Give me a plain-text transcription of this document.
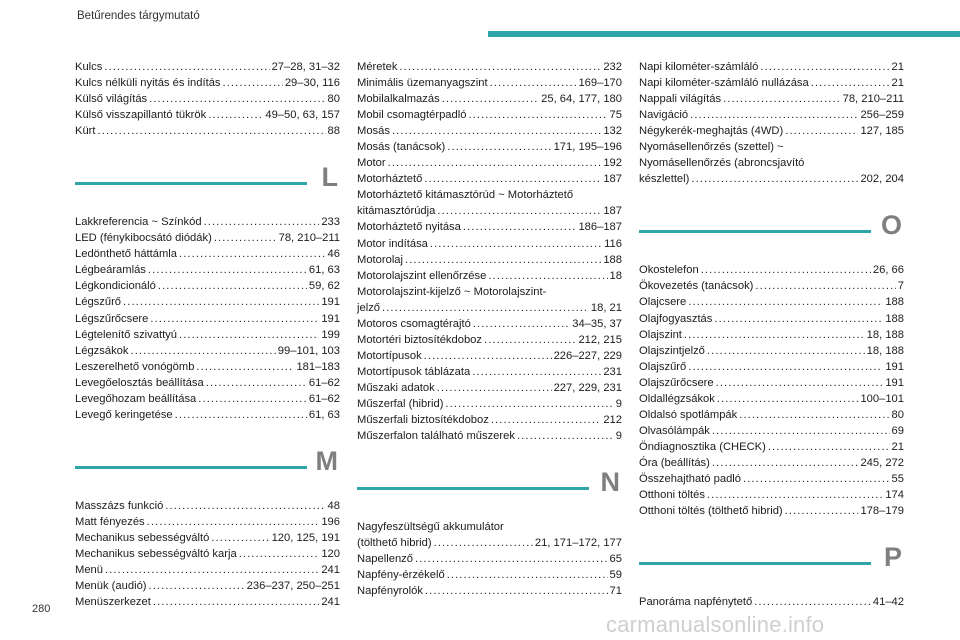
Betűrendes tárgymutató
Kulcs .....	27–28, 31–32
Kulcs nélküli nyitás és indítás .....	29–30, 116
Külső világítás .....	80
Külső visszapillantó tükrök .....	49–50, 63, 157
Kürt .....	88
L
Lakkreferencia ~ Színkód .....	233
LED (fénykibocsátó diódák) .....	78, 210–211
Ledönthető háttámla .....	46
Légbeáramlás .....	61, 63
Légkondicionáló .....	59, 62
Légszűrő .....	191
Légszűrőcsere .....	191
Légtelenítő szivattyú .....	199
Légzsákok .....	99–101, 103
Leszerelhető vonógömb .....	181–183
Levegőelosztás beállítása .....	61–62
Levegőhozam beállítása .....	61–62
Levegő keringetése .....	61, 63
M
Masszázs funkció .....	48
Matt fényezés .....	196
Mechanikus sebességváltó .....	120, 125, 191
Mechanikus sebességváltó karja .....	120
Menü .....	241
Menük (audió) .....	236–237, 250–251
Menüszerkezet .....	241
Méretek .....	232
Minimális üzemanyagszint .....	169–170
Mobilalkalmazás .....	25, 64, 177, 180
Mobil csomagtérpadló .....	75
Mosás .....	132
Mosás (tanácsok) .....	171, 195–196
Motor .....	192
Motorháztető .....	187
Motorháztető kitámasztórúd ~ Motorháztető
kitámasztórúdja .....	187
Motorháztető nyitása .....	186–187
Motor indítása .....	116
Motorolaj .....	188
Motorolajszint ellenőrzése .....	18
Motorolajszint-kijelző ~ Motorolajszint-
jelző .....	18, 21
Motoros csomagtérajtó .....	34–35, 37
Motortéri biztosítékdoboz .....	212, 215
Motortípusok .....	226–227, 229
Motortípusok táblázata .....	231
Műszaki adatok .....	227, 229, 231
Műszerfal (hibrid) .....	9
Műszerfali biztosítékdoboz .....	212
Műszerfalon található műszerek .....	9
N
Nagyfeszültségű akkumulátor
(tölthető hibrid) .....	21, 171–172, 177
Napellenző .....	65
Napfény-érzékelő .....	59
Napfényrolók .....	71
Napi kilométer-számláló .....	21
Napi kilométer-számláló nullázása .....	21
Nappali világítás .....	78, 210–211
Navigáció .....	256–259
Négykerék-meghajtás (4WD) .....	127, 185
Nyomásellenőrzés (szettel) ~
Nyomásellenőrzés (abroncsjavító
készlettel) .....	202, 204
O
Okostelefon .....	26, 66
Ökovezetés (tanácsok) .....	7
Olajcsere .....	188
Olajfogyasztás .....	188
Olajszint .....	18, 188
Olajszintjelző .....	18, 188
Olajszűrő .....	191
Olajszűrőcsere .....	191
Oldallégzsákok .....	100–101
Oldalsó spotlámpák .....	80
Olvasólámpák .....	69
Öndiagnosztika (CHECK) .....	21
Óra (beállítás) .....	245, 272
Összehajtható padló .....	55
Otthoni töltés .....	174
Otthoni töltés (tölthető hibrid) .....	178–179
P
Panoráma napfénytető .....	41–42
280
carmanualsonline.info
